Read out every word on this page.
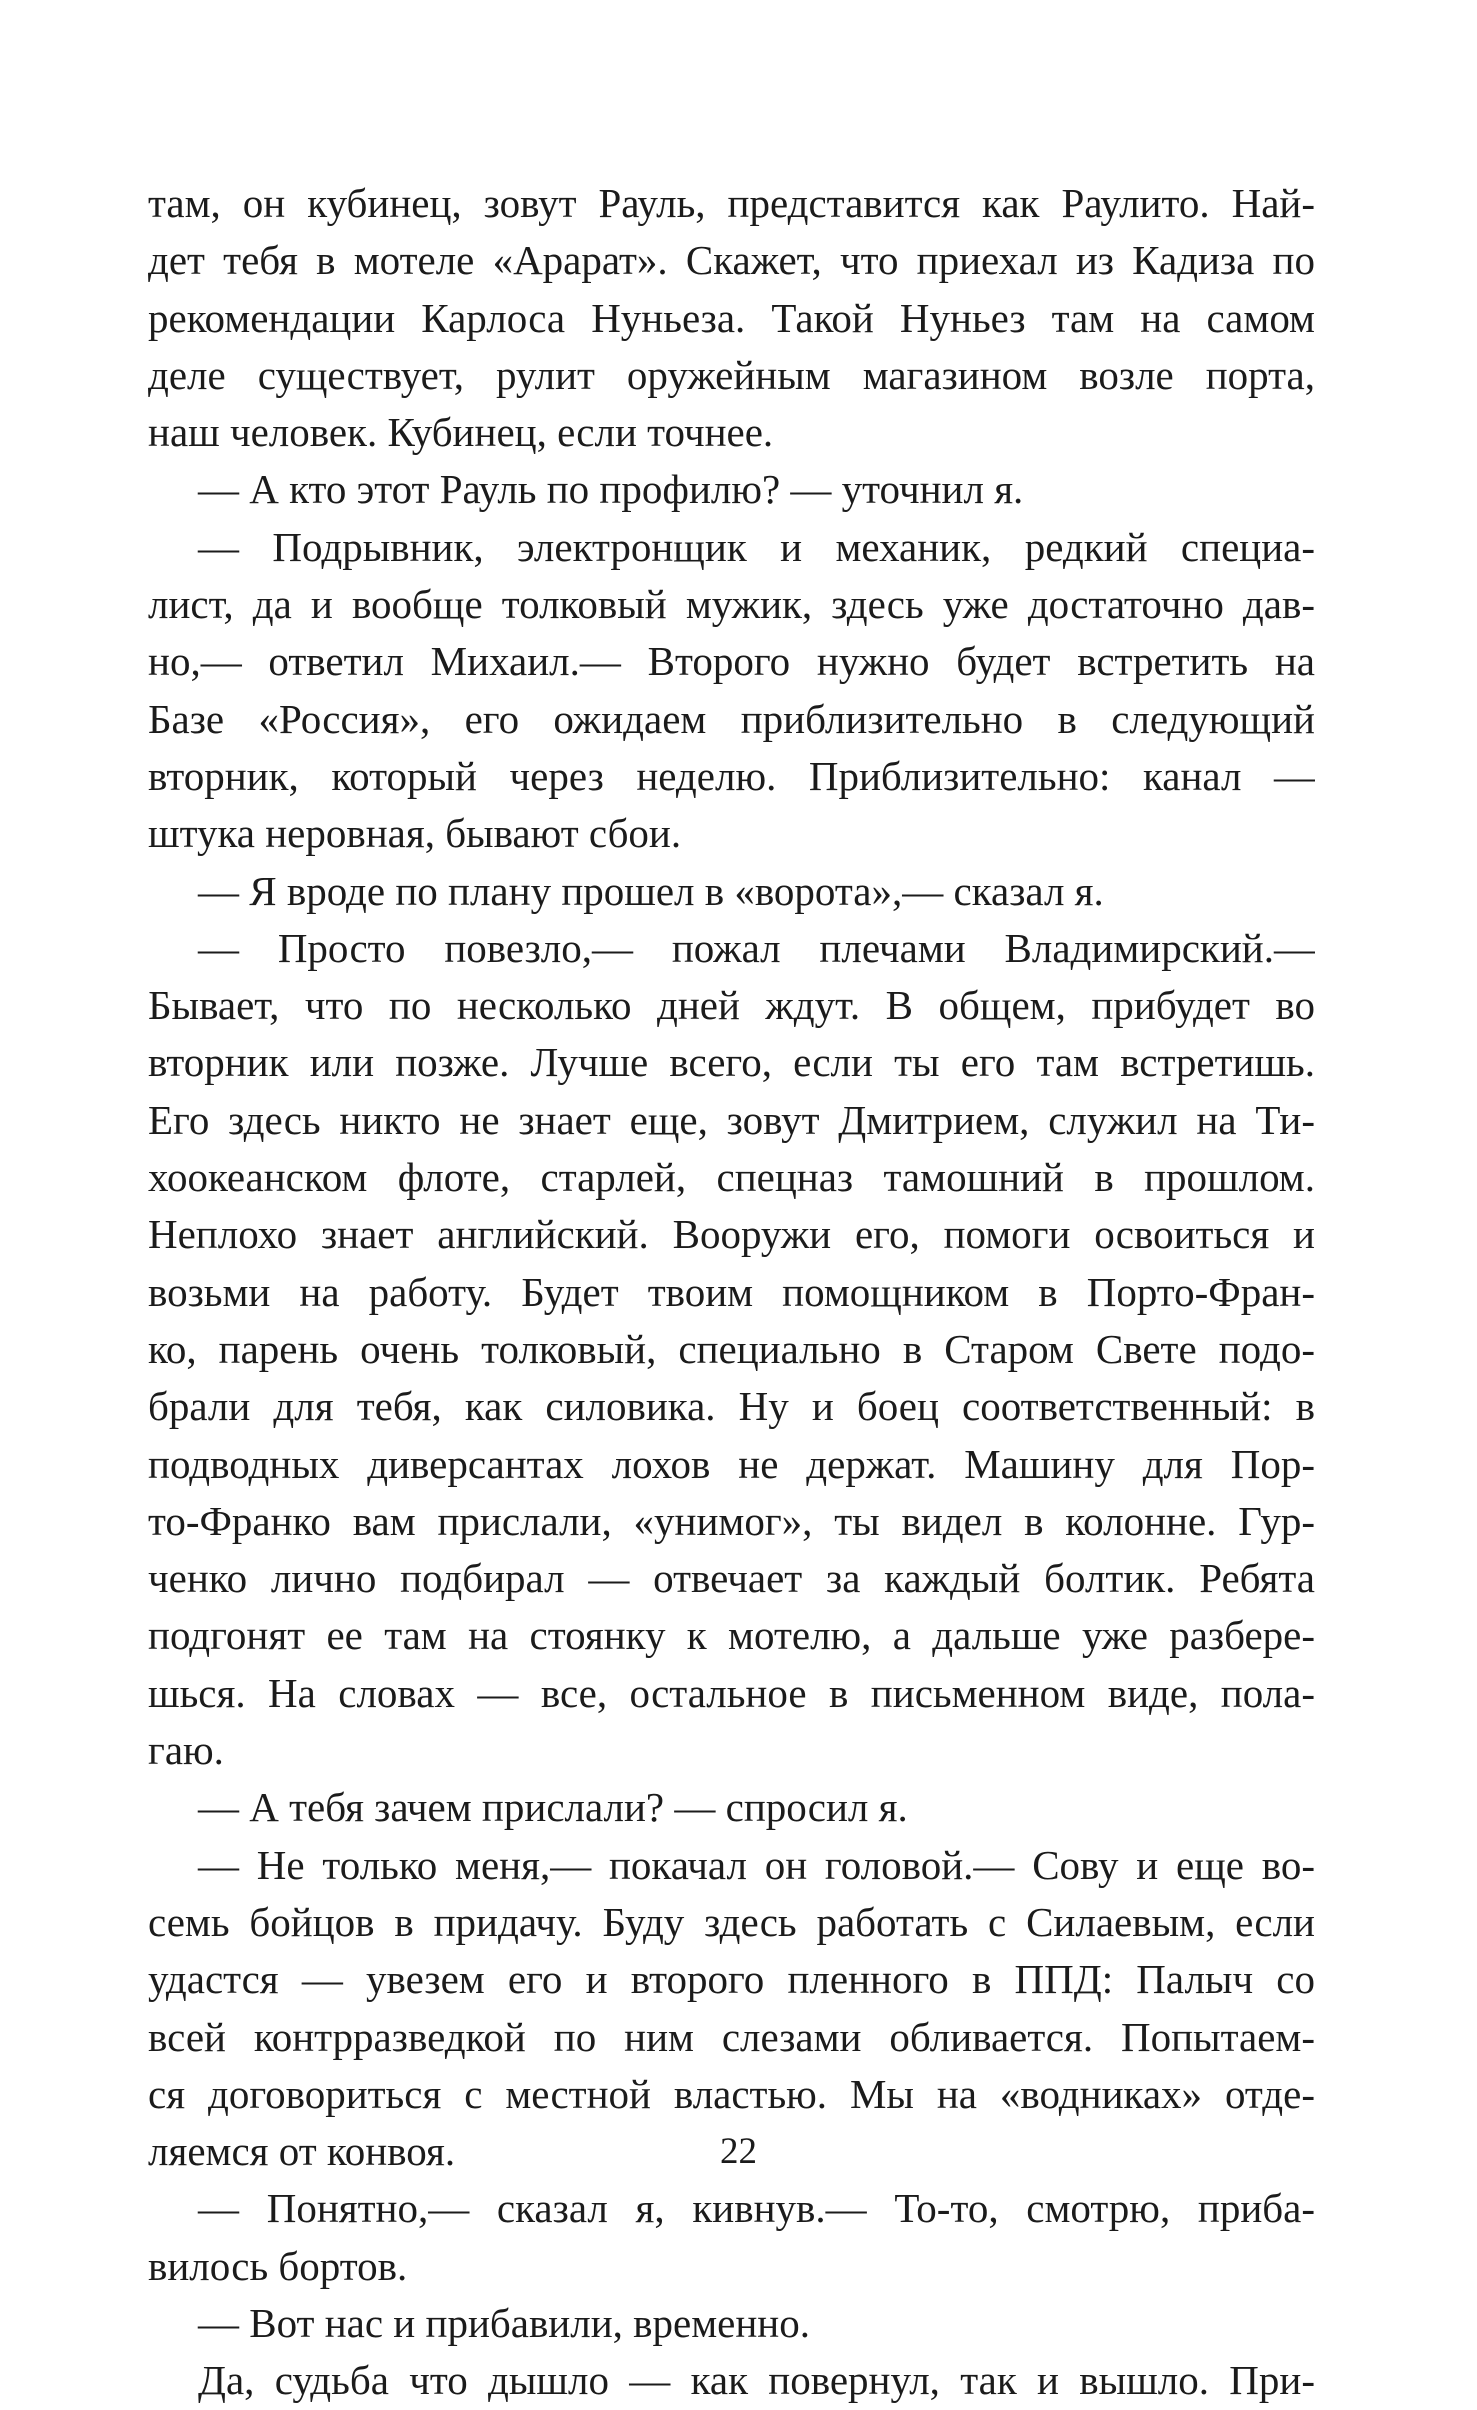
там, он кубинец, зовут Рауль, представится как Раулито. Най-
дет тебя в мотеле «Арарат». Скажет, что приехал из Кадиза по
рекомендации Карлоса Нуньеза. Такой Нуньез там на самом
деле существует, рулит оружейным магазином возле порта,
наш человек. Кубинец, если точнее.
— А кто этот Рауль по профилю? — уточнил я.
— Подрывник, электронщик и механик, редкий специа-
лист, да и вообще толковый мужик, здесь уже достаточно дав-
но,— ответил Михаил.— Второго нужно будет встретить на
Базе «Россия», его ожидаем приблизительно в следующий
вторник, который через неделю. Приблизительно: канал —
штука неровная, бывают сбои.
— Я вроде по плану прошел в «ворота»,— сказал я.
— Просто повезло,— пожал плечами Владимирский.—
Бывает, что по несколько дней ждут. В общем, прибудет во
вторник или позже. Лучше всего, если ты его там встретишь.
Его здесь никто не знает еще, зовут Дмитрием, служил на Ти-
хоокеанском флоте, старлей, спецназ тамошний в прошлом.
Неплохо знает английский. Вооружи его, помоги освоиться и
возьми на работу. Будет твоим помощником в Порто-Фран-
ко, парень очень толковый, специально в Старом Свете подо-
брали для тебя, как силовика. Ну и боец соответственный: в
подводных диверсантах лохов не держат. Машину для Пор-
то-Франко вам прислали, «унимог», ты видел в колонне. Гур-
ченко лично подбирал — отвечает за каждый болтик. Ребята
подгонят ее там на стоянку к мотелю, а дальше уже разбере-
шься. На словах — все, остальное в письменном виде, пола-
гаю.
— А тебя зачем прислали? — спросил я.
— Не только меня,— покачал он головой.— Сову и еще во-
семь бойцов в придачу. Буду здесь работать с Силаевым, если
удастся — увезем его и второго пленного в ППД: Палыч со
всей контрразведкой по ним слезами обливается. Попытаем-
ся договориться с местной властью. Мы на «водниках» отде-
ляемся от конвоя.
— Понятно,— сказал я, кивнув.— То-то, смотрю, приба-
вилось бортов.
— Вот нас и прибавили, временно.
Да, судьба что дышло — как повернул, так и вышло. При-
22
